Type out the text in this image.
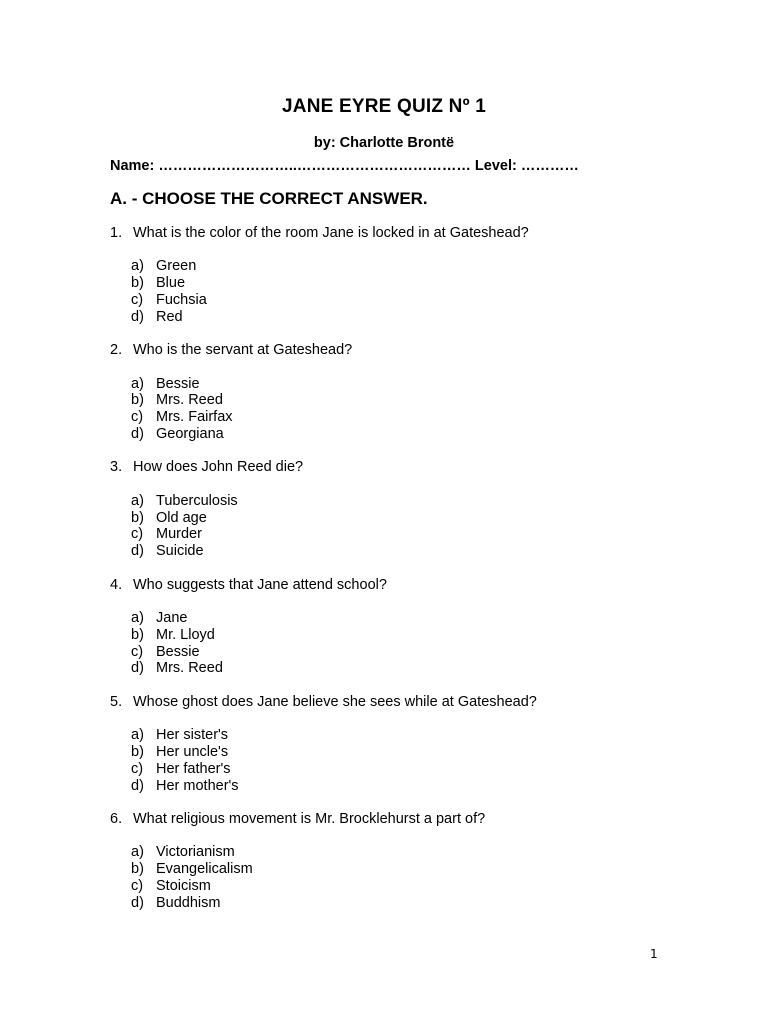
JANE EYRE QUIZ Nº 1
by: Charlotte Brontë
Name: ………………………..……………………………… Level: …………
A. - CHOOSE THE CORRECT ANSWER.
1. What is the color of the room Jane is locked in at Gateshead?
a) Green
b) Blue
c) Fuchsia
d) Red
2. Who is the servant at Gateshead?
a) Bessie
b) Mrs. Reed
c) Mrs. Fairfax
d) Georgiana
3. How does John Reed die?
a) Tuberculosis
b) Old age
c) Murder
d) Suicide
4. Who suggests that Jane attend school?
a) Jane
b) Mr. Lloyd
c) Bessie
d) Mrs. Reed
5. Whose ghost does Jane believe she sees while at Gateshead?
a) Her sister's
b) Her uncle's
c) Her father's
d) Her mother's
6. What religious movement is Mr. Brocklehurst a part of?
a) Victorianism
b) Evangelicalism
c) Stoicism
d) Buddhism
1
